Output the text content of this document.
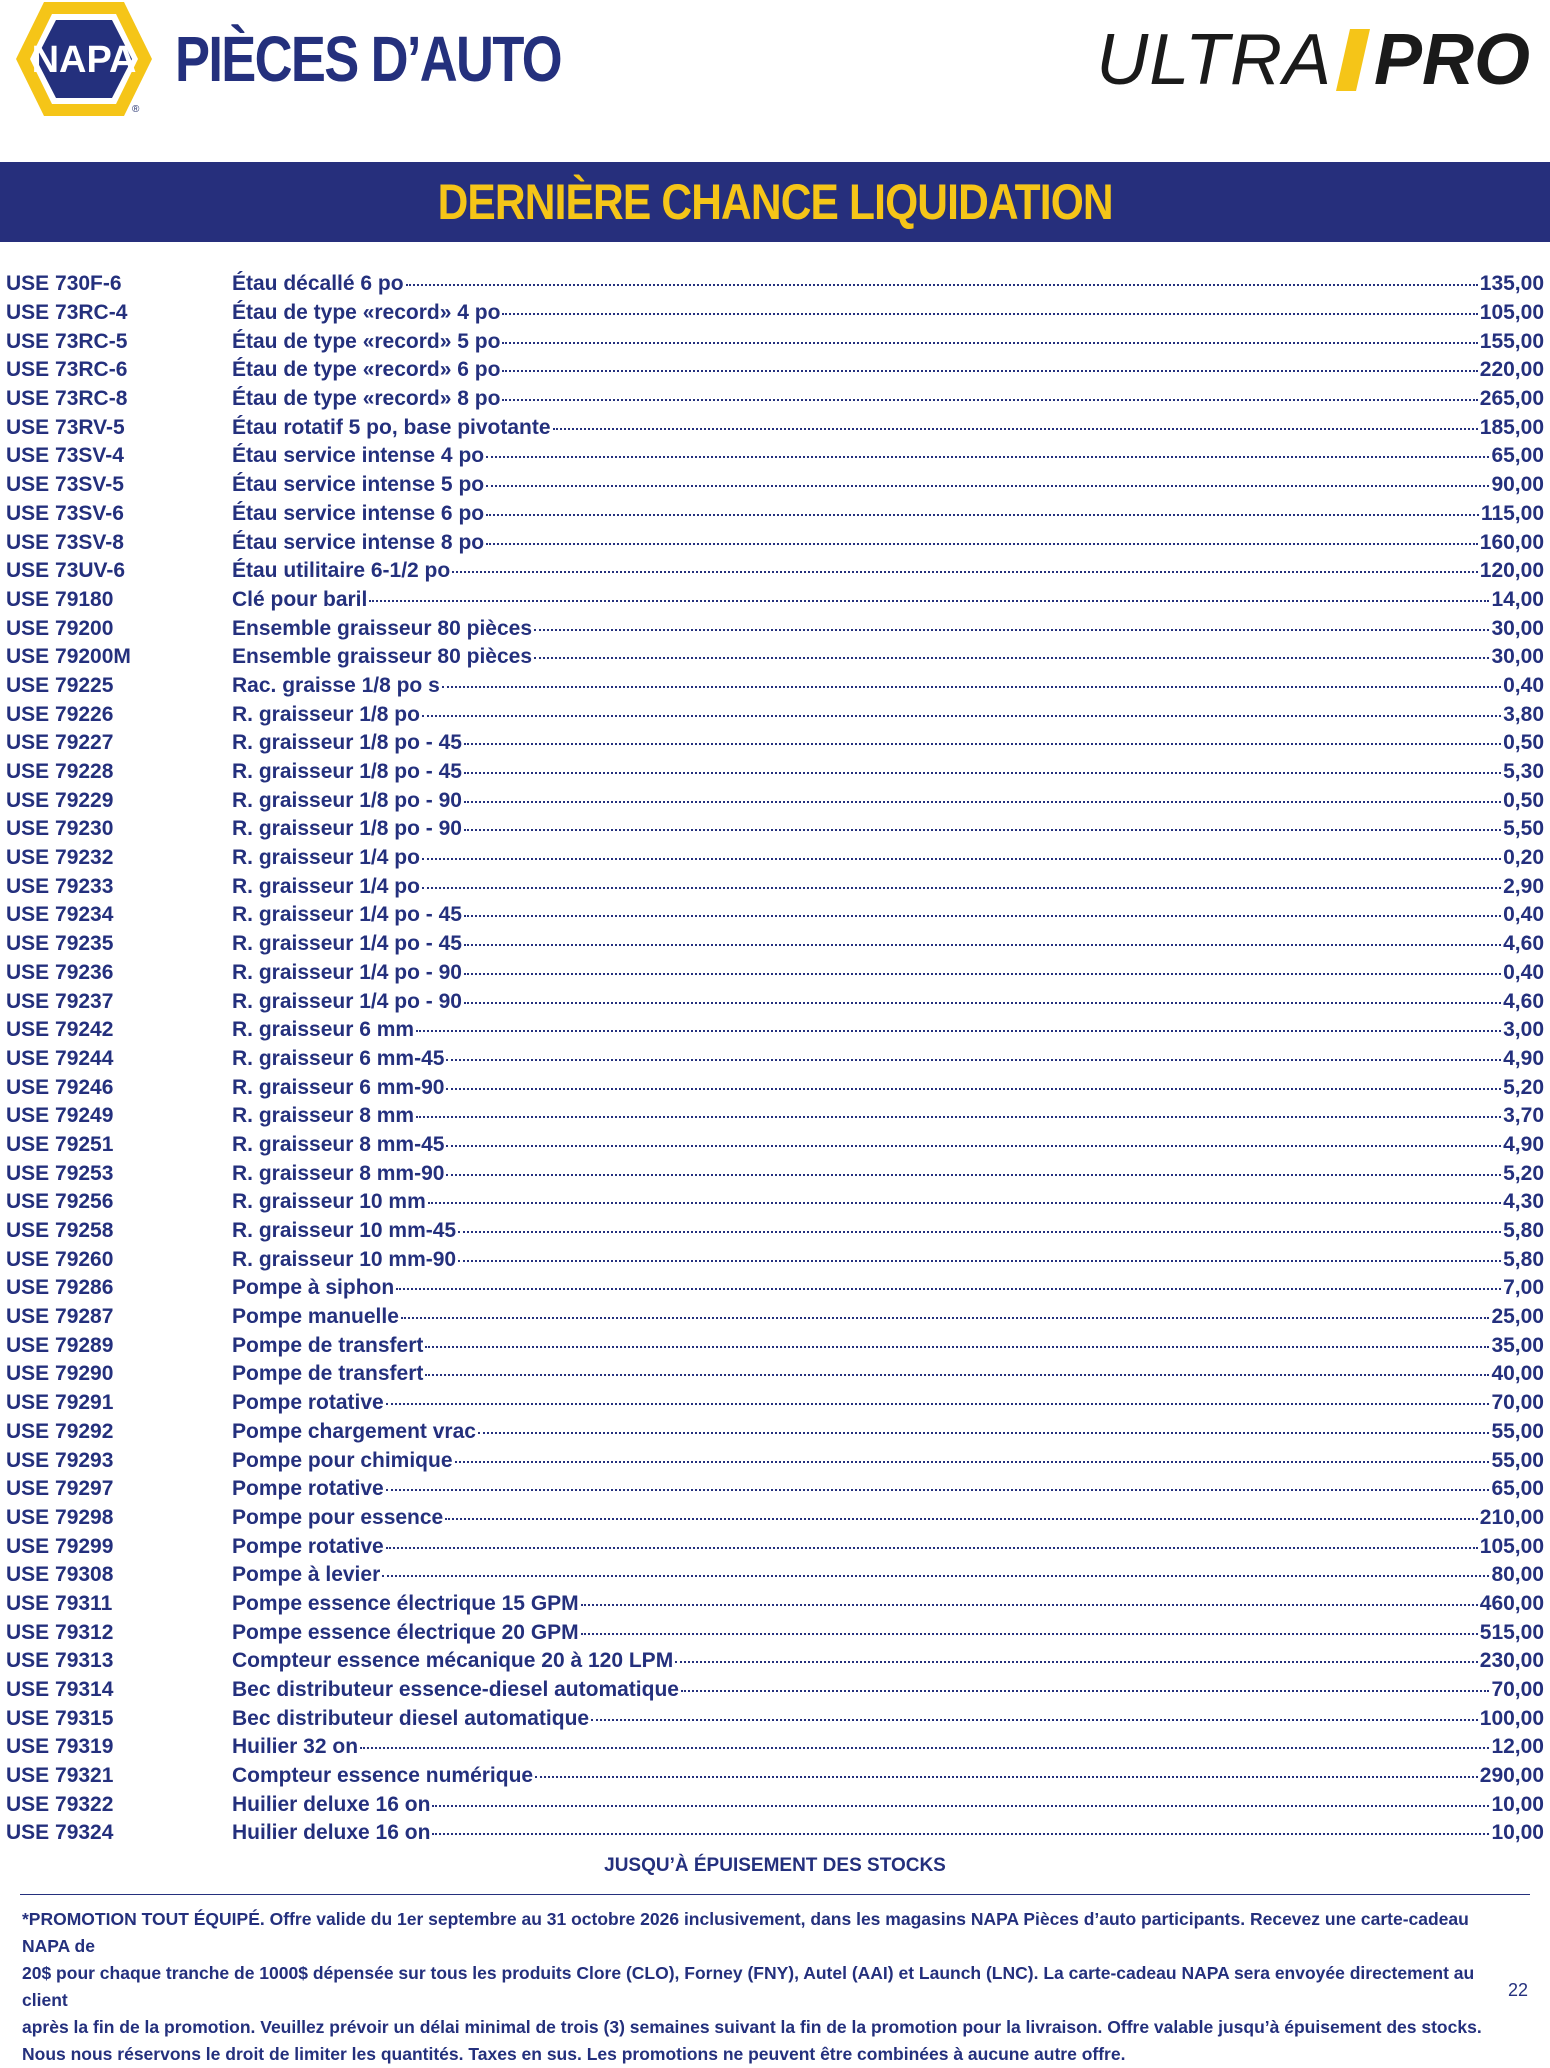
NAPA
®
PIÈCES D’AUTO	ULTRA PRO
DERNIÈRE CHANCE LIQUIDATION
USE 730F-6	Étau décallé 6 po	135,00
USE 73RC-4	Étau de type «record» 4 po	105,00
USE 73RC-5	Étau de type «record» 5 po	155,00
USE 73RC-6	Étau de type «record» 6 po	220,00
USE 73RC-8	Étau de type «record» 8 po	265,00
USE 73RV-5	Étau rotatif 5 po, base pivotante	185,00
USE 73SV-4	Étau service intense 4 po	65,00
USE 73SV-5	Étau service intense 5 po	90,00
USE 73SV-6	Étau service intense 6 po	115,00
USE 73SV-8	Étau service intense 8 po	160,00
USE 73UV-6	Étau utilitaire 6-1/2 po	120,00
USE 79180	Clé pour baril	14,00
USE 79200	Ensemble graisseur 80 pièces	30,00
USE 79200M	Ensemble graisseur 80 pièces	30,00
USE 79225	Rac. graisse 1/8 po s	0,40
USE 79226	R. graisseur 1/8 po	3,80
USE 79227	R. graisseur 1/8 po - 45	0,50
USE 79228	R. graisseur 1/8 po - 45	5,30
USE 79229	R. graisseur 1/8 po - 90	0,50
USE 79230	R. graisseur 1/8 po - 90	5,50
USE 79232	R. graisseur 1/4 po	0,20
USE 79233	R. graisseur 1/4 po	2,90
USE 79234	R. graisseur 1/4 po - 45	0,40
USE 79235	R. graisseur 1/4 po - 45	4,60
USE 79236	R. graisseur 1/4 po - 90	0,40
USE 79237	R. graisseur 1/4 po - 90	4,60
USE 79242	R. graisseur 6 mm	3,00
USE 79244	R. graisseur 6 mm-45	4,90
USE 79246	R. graisseur 6 mm-90	5,20
USE 79249	R. graisseur 8 mm	3,70
USE 79251	R. graisseur 8 mm-45	4,90
USE 79253	R. graisseur 8 mm-90	5,20
USE 79256	R. graisseur 10 mm	4,30
USE 79258	R. graisseur 10 mm-45	5,80
USE 79260	R. graisseur 10 mm-90	5,80
USE 79286	Pompe à siphon	7,00
USE 79287	Pompe manuelle	25,00
USE 79289	Pompe de transfert	35,00
USE 79290	Pompe de transfert	40,00
USE 79291	Pompe rotative	70,00
USE 79292	Pompe chargement vrac	55,00
USE 79293	Pompe pour chimique	55,00
USE 79297	Pompe rotative	65,00
USE 79298	Pompe pour essence	210,00
USE 79299	Pompe rotative	105,00
USE 79308	Pompe à levier	80,00
USE 79311	Pompe essence électrique 15 GPM	460,00
USE 79312	Pompe essence électrique 20 GPM	515,00
USE 79313	Compteur essence mécanique 20 à 120 LPM	230,00
USE 79314	Bec distributeur essence-diesel automatique	70,00
USE 79315	Bec distributeur diesel automatique	100,00
USE 79319	Huilier 32 on	12,00
USE 79321	Compteur essence numérique	290,00
USE 79322	Huilier deluxe 16 on	10,00
USE 79324	Huilier deluxe 16 on	10,00
JUSQU’À ÉPUISEMENT DES STOCKS
*PROMOTION TOUT ÉQUIPÉ. Offre valide du 1er septembre au 31 octobre 2026 inclusivement, dans les magasins NAPA Pièces d’auto participants. Recevez une carte-cadeau NAPA de
20$ pour chaque tranche de 1000$ dépensée sur tous les produits Clore (CLO), Forney (FNY), Autel (AAI) et Launch (LNC). La carte-cadeau NAPA sera envoyée directement au client
après la fin de la promotion. Veuillez prévoir un délai minimal de trois (3) semaines suivant la fin de la promotion pour la livraison. Offre valable jusqu’à épuisement des stocks.
Nous nous réservons le droit de limiter les quantités. Taxes en sus. Les promotions ne peuvent être combinées à aucune autre offre.
22
